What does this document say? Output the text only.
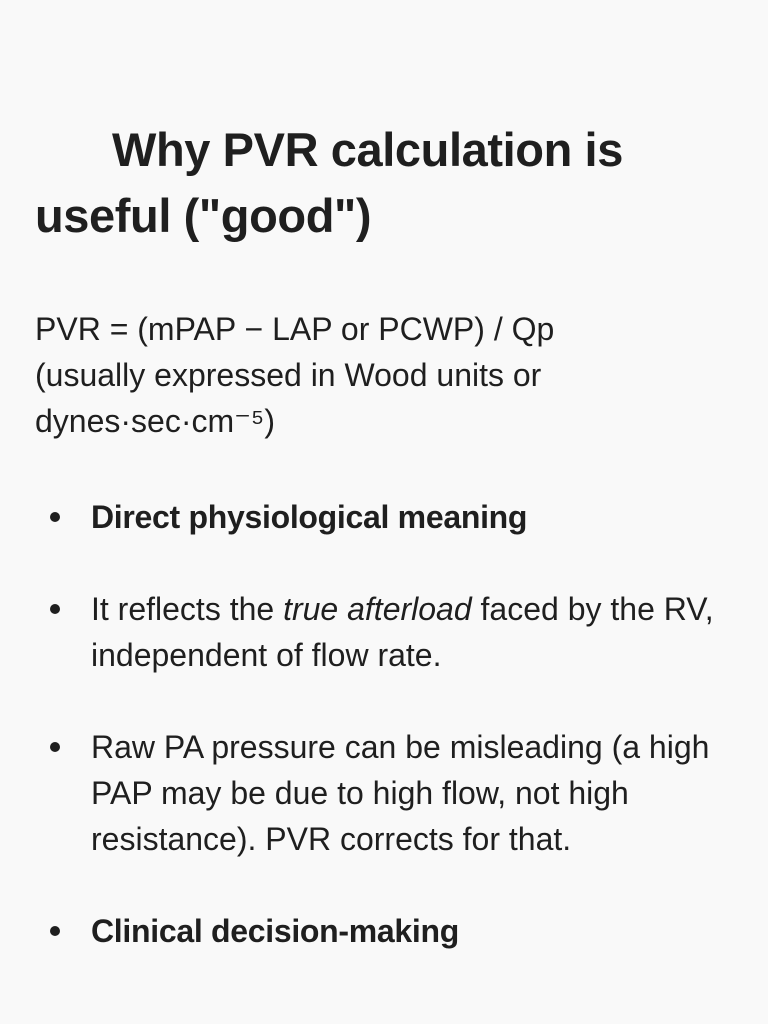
Why PVR calculation is useful ("good")

PVR = (mPAP − LAP or PCWP) / Qp
(usually expressed in Wood units or
dynes·sec·cm⁻⁵)

Direct physiological meaning
It reflects the true afterload faced by the RV, independent of flow rate.
Raw PA pressure can be misleading (a high PAP may be due to high flow, not high resistance). PVR corrects for that.
Clinical decision-making
